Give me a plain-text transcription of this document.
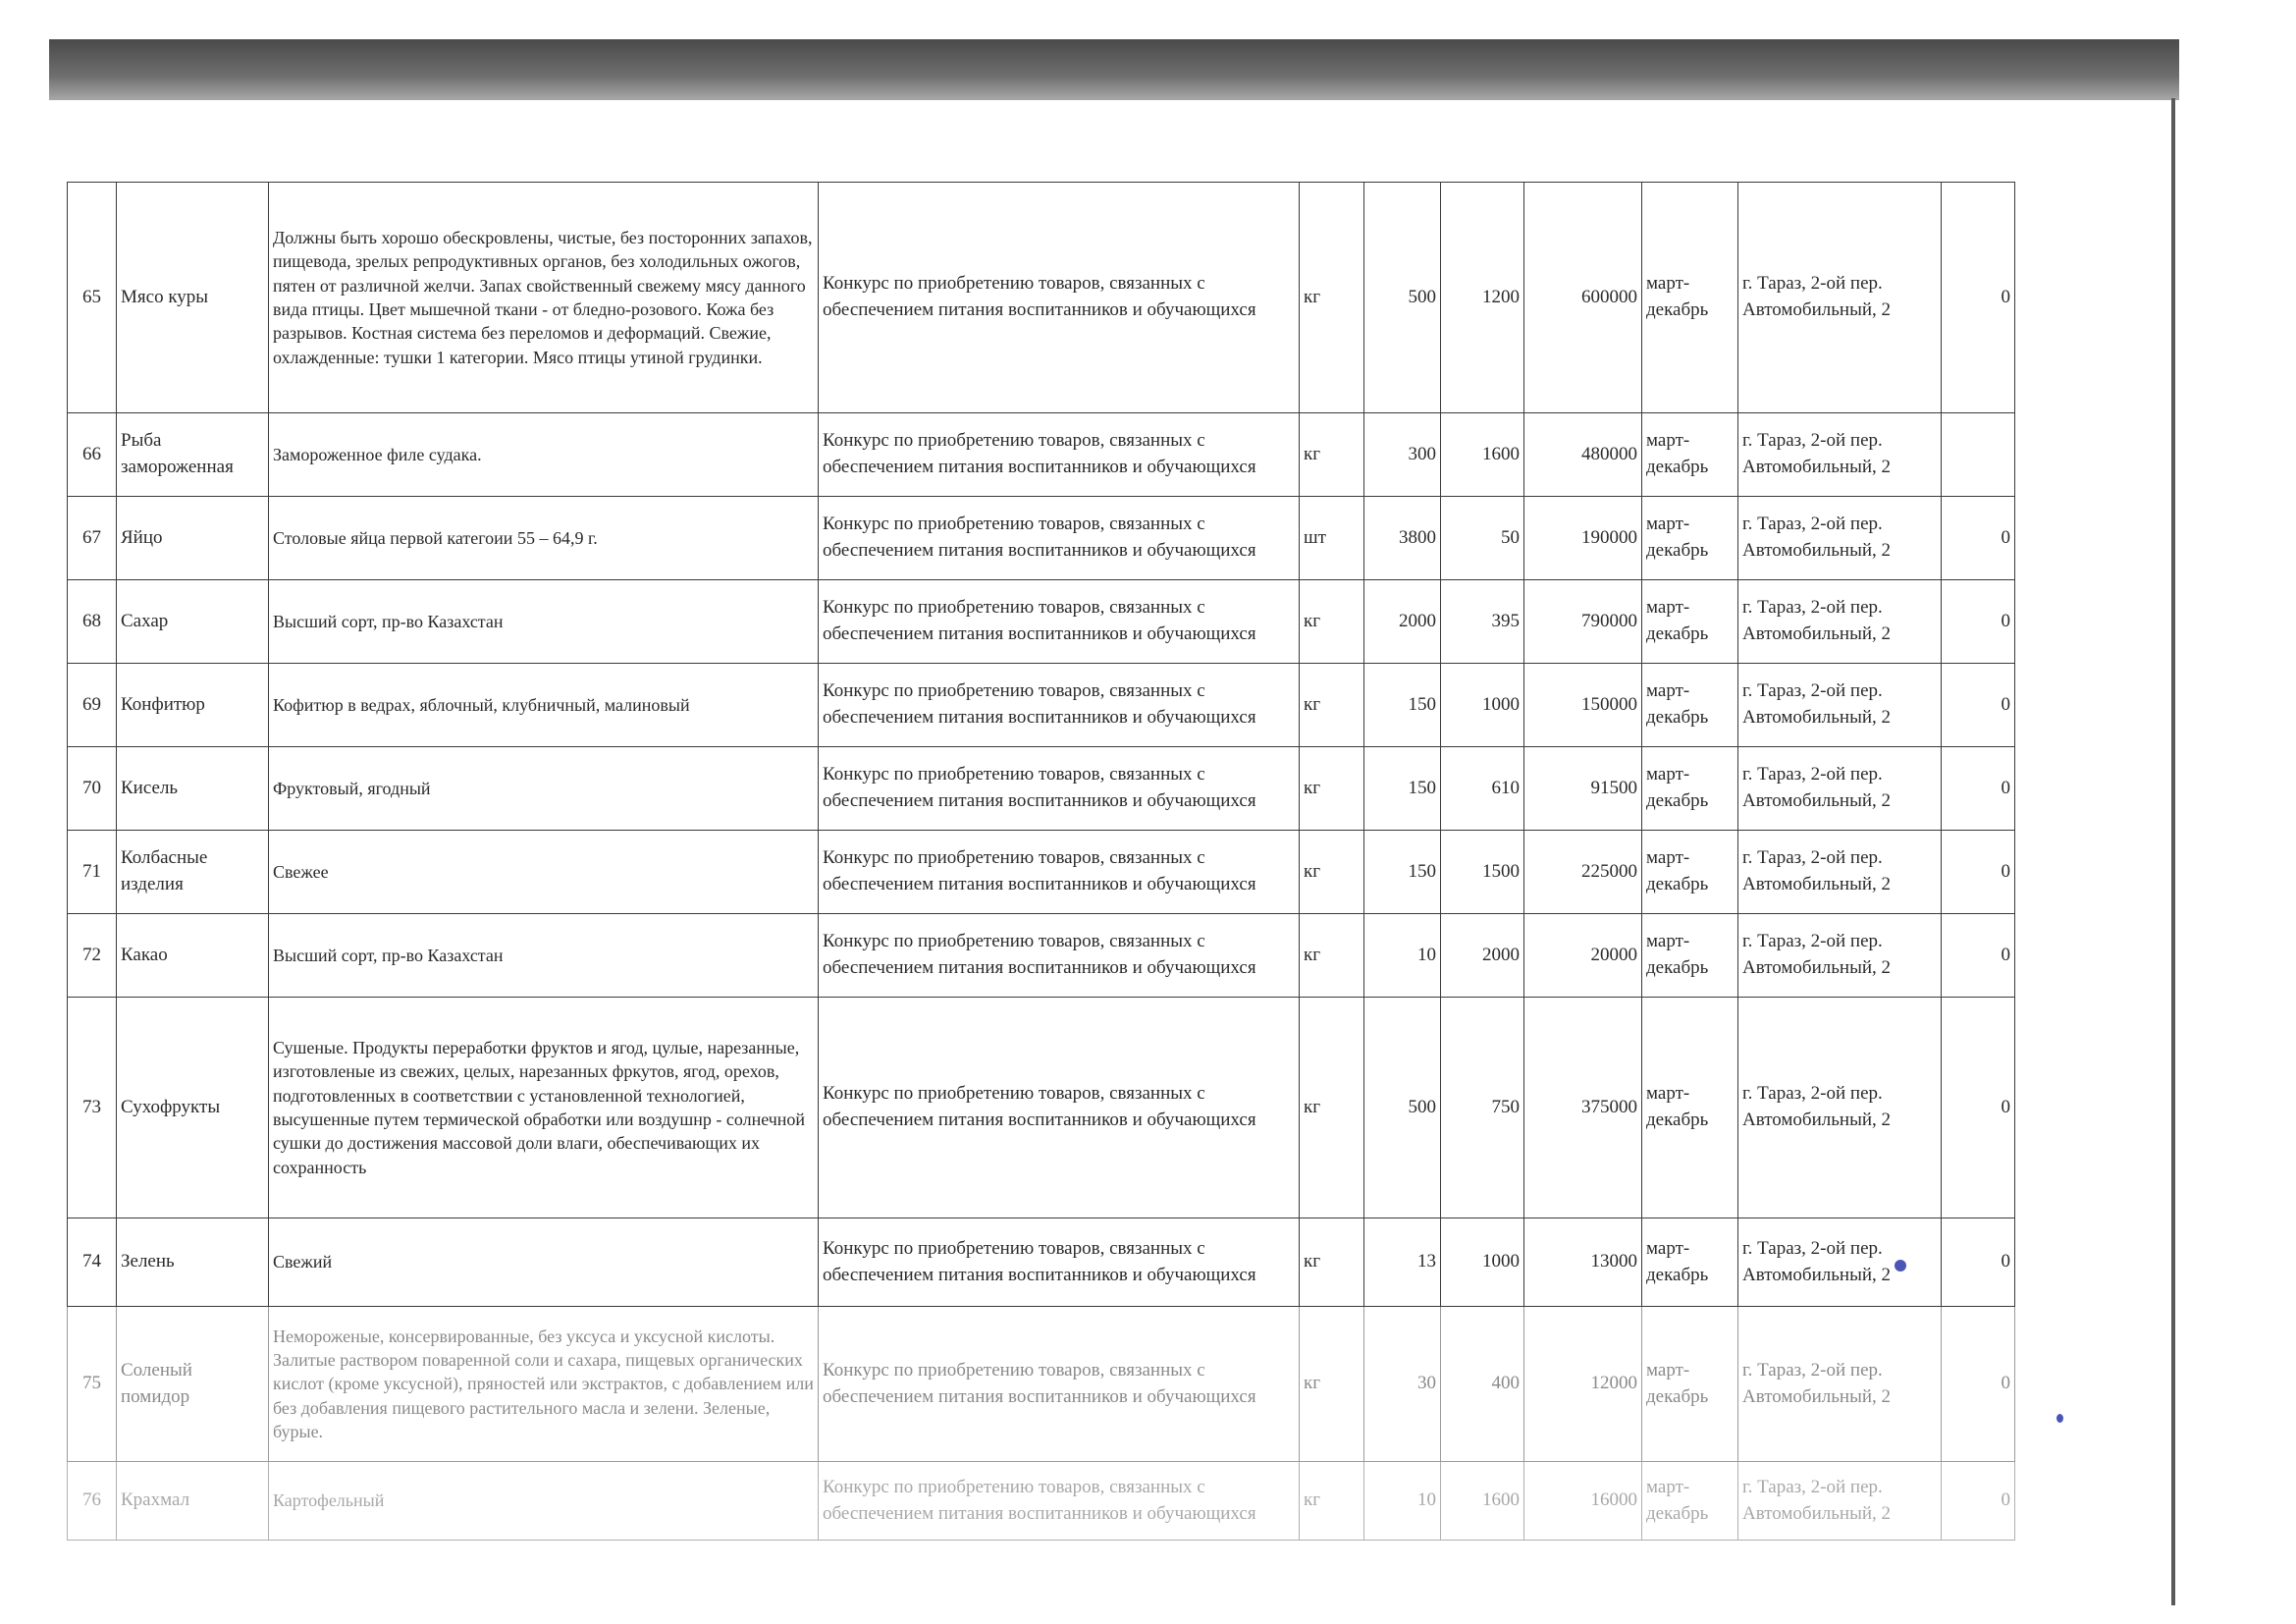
65	Мясо куры	Должны быть хорошо обескровлены, чистые, без посторонних запахов, пищевода, зрелых репродуктивных органов, без холодильных ожогов, пятен от различной желчи. Запах свойственный свежему мясу данного вида птицы. Цвет мышечной ткани - от бледно-розового. Кожа без разрывов. Костная система без переломов и деформаций. Свежие, охлажденные: тушки 1 категории. Мясо птицы утиной грудинки.	Конкурс по приобретению товаров, связанных с обеспечением питания воспитанников и обучающихся	кг	500	1200	600000	март-декабрь	г. Тараз, 2-ой пер. Автомобильный, 2	0
66	Рыба замороженная	Замороженное филе судака.	Конкурс по приобретению товаров, связанных с обеспечением питания воспитанников и обучающихся	кг	300	1600	480000	март-декабрь	г. Тараз, 2-ой пер. Автомобильный, 2	
67	Яйцо	Столовые яйца первой категоии 55 – 64,9 г.	Конкурс по приобретению товаров, связанных с обеспечением питания воспитанников и обучающихся	шт	3800	50	190000	март-декабрь	г. Тараз, 2-ой пер. Автомобильный, 2	0
68	Сахар	Высший сорт, пр-во Казахстан	Конкурс по приобретению товаров, связанных с обеспечением питания воспитанников и обучающихся	кг	2000	395	790000	март-декабрь	г. Тараз, 2-ой пер. Автомобильный, 2	0
69	Конфитюр	Кофитюр в ведрах, яблочный, клубничный, малиновый	Конкурс по приобретению товаров, связанных с обеспечением питания воспитанников и обучающихся	кг	150	1000	150000	март-декабрь	г. Тараз, 2-ой пер. Автомобильный, 2	0
70	Кисель	Фруктовый, ягодный	Конкурс по приобретению товаров, связанных с обеспечением питания воспитанников и обучающихся	кг	150	610	91500	март-декабрь	г. Тараз, 2-ой пер. Автомобильный, 2	0
71	Колбасные изделия	Свежее	Конкурс по приобретению товаров, связанных с обеспечением питания воспитанников и обучающихся	кг	150	1500	225000	март-декабрь	г. Тараз, 2-ой пер. Автомобильный, 2	0
72	Какао	Высший сорт, пр-во Казахстан	Конкурс по приобретению товаров, связанных с обеспечением питания воспитанников и обучающихся	кг	10	2000	20000	март-декабрь	г. Тараз, 2-ой пер. Автомобильный, 2	0
73	Сухофрукты	Сушеные. Продукты переработки фруктов и ягод, цулые, нарезанные, изготовленые из свежих, целых, нарезанных фркутов, ягод, орехов, подготовленных в соответствии с установленной технологией, высушенные путем термической обработки или воздушнр - солнечной сушки до достижения массовой доли влаги, обеспечивающих их сохранность	Конкурс по приобретению товаров, связанных с обеспечением питания воспитанников и обучающихся	кг	500	750	375000	март-декабрь	г. Тараз, 2-ой пер. Автомобильный, 2	0
74	Зелень	Свежий	Конкурс по приобретению товаров, связанных с обеспечением питания воспитанников и обучающихся	кг	13	1000	13000	март-декабрь	г. Тараз, 2-ой пер. Автомобильный, 2	0
75	Соленый помидор	Немороженые, консервированные, без уксуса и уксусной кислоты. Залитые раствором поваренной соли и сахара, пищевых органических кислот (кроме уксусной), пряностей или экстрактов, с добавлением или без добавления пищевого растительного масла и зелени. Зеленые, бурые.	Конкурс по приобретению товаров, связанных с обеспечением питания воспитанников и обучающихся	кг	30	400	12000	март-декабрь	г. Тараз, 2-ой пер. Автомобильный, 2	0
76	Крахмал	Картофельный	Конкурс по приобретению товаров, связанных с обеспечением питания воспитанников и обучающихся	кг	10	1600	16000	март-декабрь	г. Тараз, 2-ой пер. Автомобильный, 2	0
